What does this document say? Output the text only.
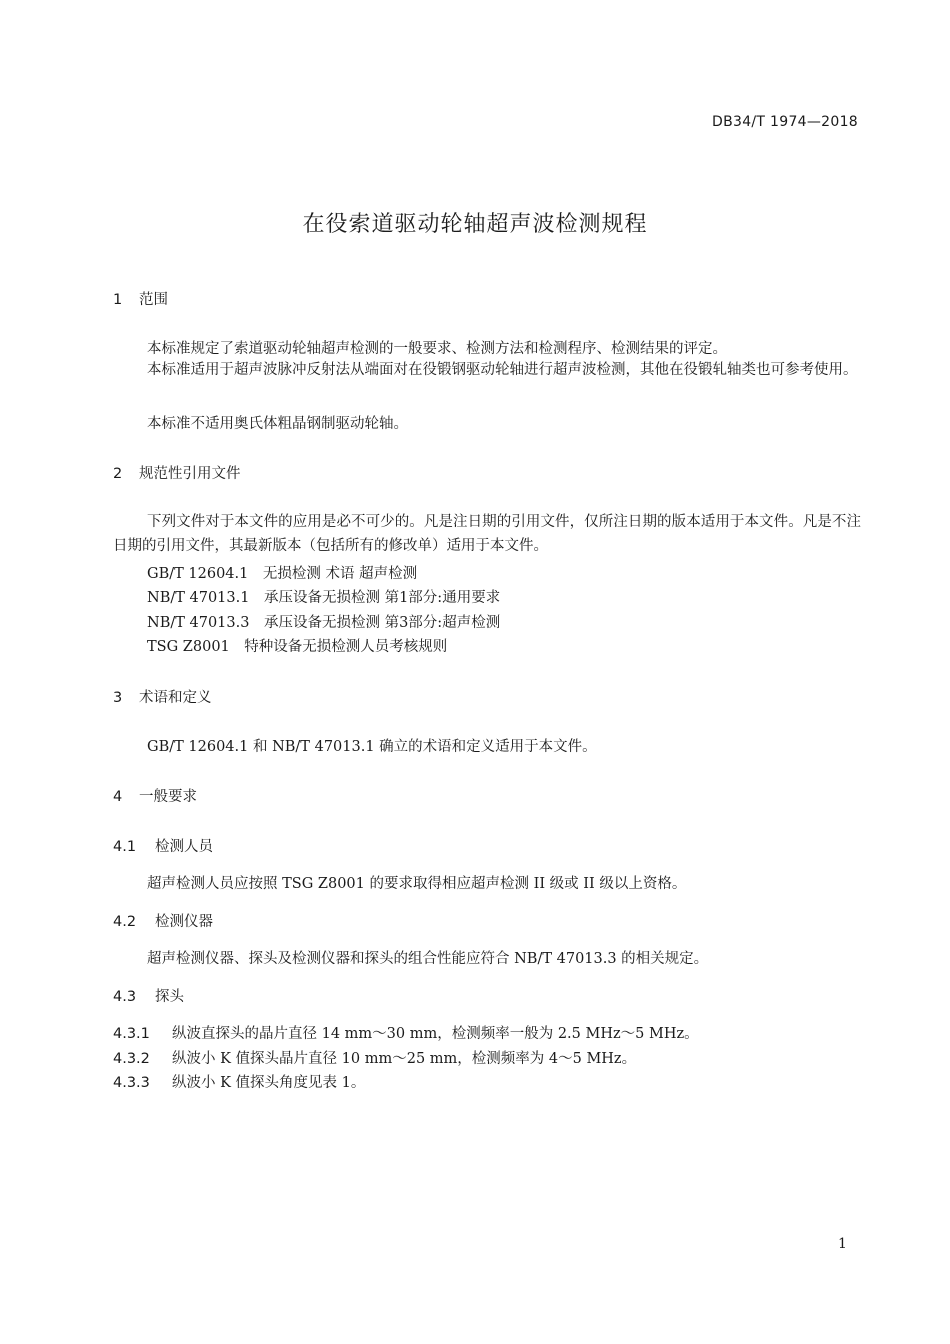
DB34/T 1974—2018
在役索道驱动轮轴超声波检测规程
1 范围
本标准规定了索道驱动轮轴超声检测的一般要求、检测方法和检测程序、检测结果的评定。
本标准适用于超声波脉冲反射法从端面对在役锻钢驱动轮轴进行超声波检测，其他在役锻轧轴类也可参考使用。
本标准不适用奥氏体粗晶钢制驱动轮轴。
2 规范性引用文件
下列文件对于本文件的应用是必不可少的。凡是注日期的引用文件，仅所注日期的版本适用于本文件。凡是不注日期的引用文件，其最新版本（包括所有的修改单）适用于本文件。
GB/T 12604.1　无损检测 术语 超声检测
NB/T 47013.1　承压设备无损检测 第1部分:通用要求
NB/T 47013.3　承压设备无损检测 第3部分:超声检测
TSG Z8001　特种设备无损检测人员考核规则
3 术语和定义
GB/T 12604.1 和 NB/T 47013.1 确立的术语和定义适用于本文件。
4 一般要求
4.1 检测人员
超声检测人员应按照 TSG Z8001 的要求取得相应超声检测 II 级或 II 级以上资格。
4.2 检测仪器
超声检测仪器、探头及检测仪器和探头的组合性能应符合 NB/T 47013.3 的相关规定。
4.3 探头
4.3.1 纵波直探头的晶片直径 14 mm～30 mm，检测频率一般为 2.5 MHz～5 MHz。
4.3.2 纵波小 K 值探头晶片直径 10 mm～25 mm，检测频率为 4～5 MHz。
4.3.3 纵波小 K 值探头角度见表 1。
1
